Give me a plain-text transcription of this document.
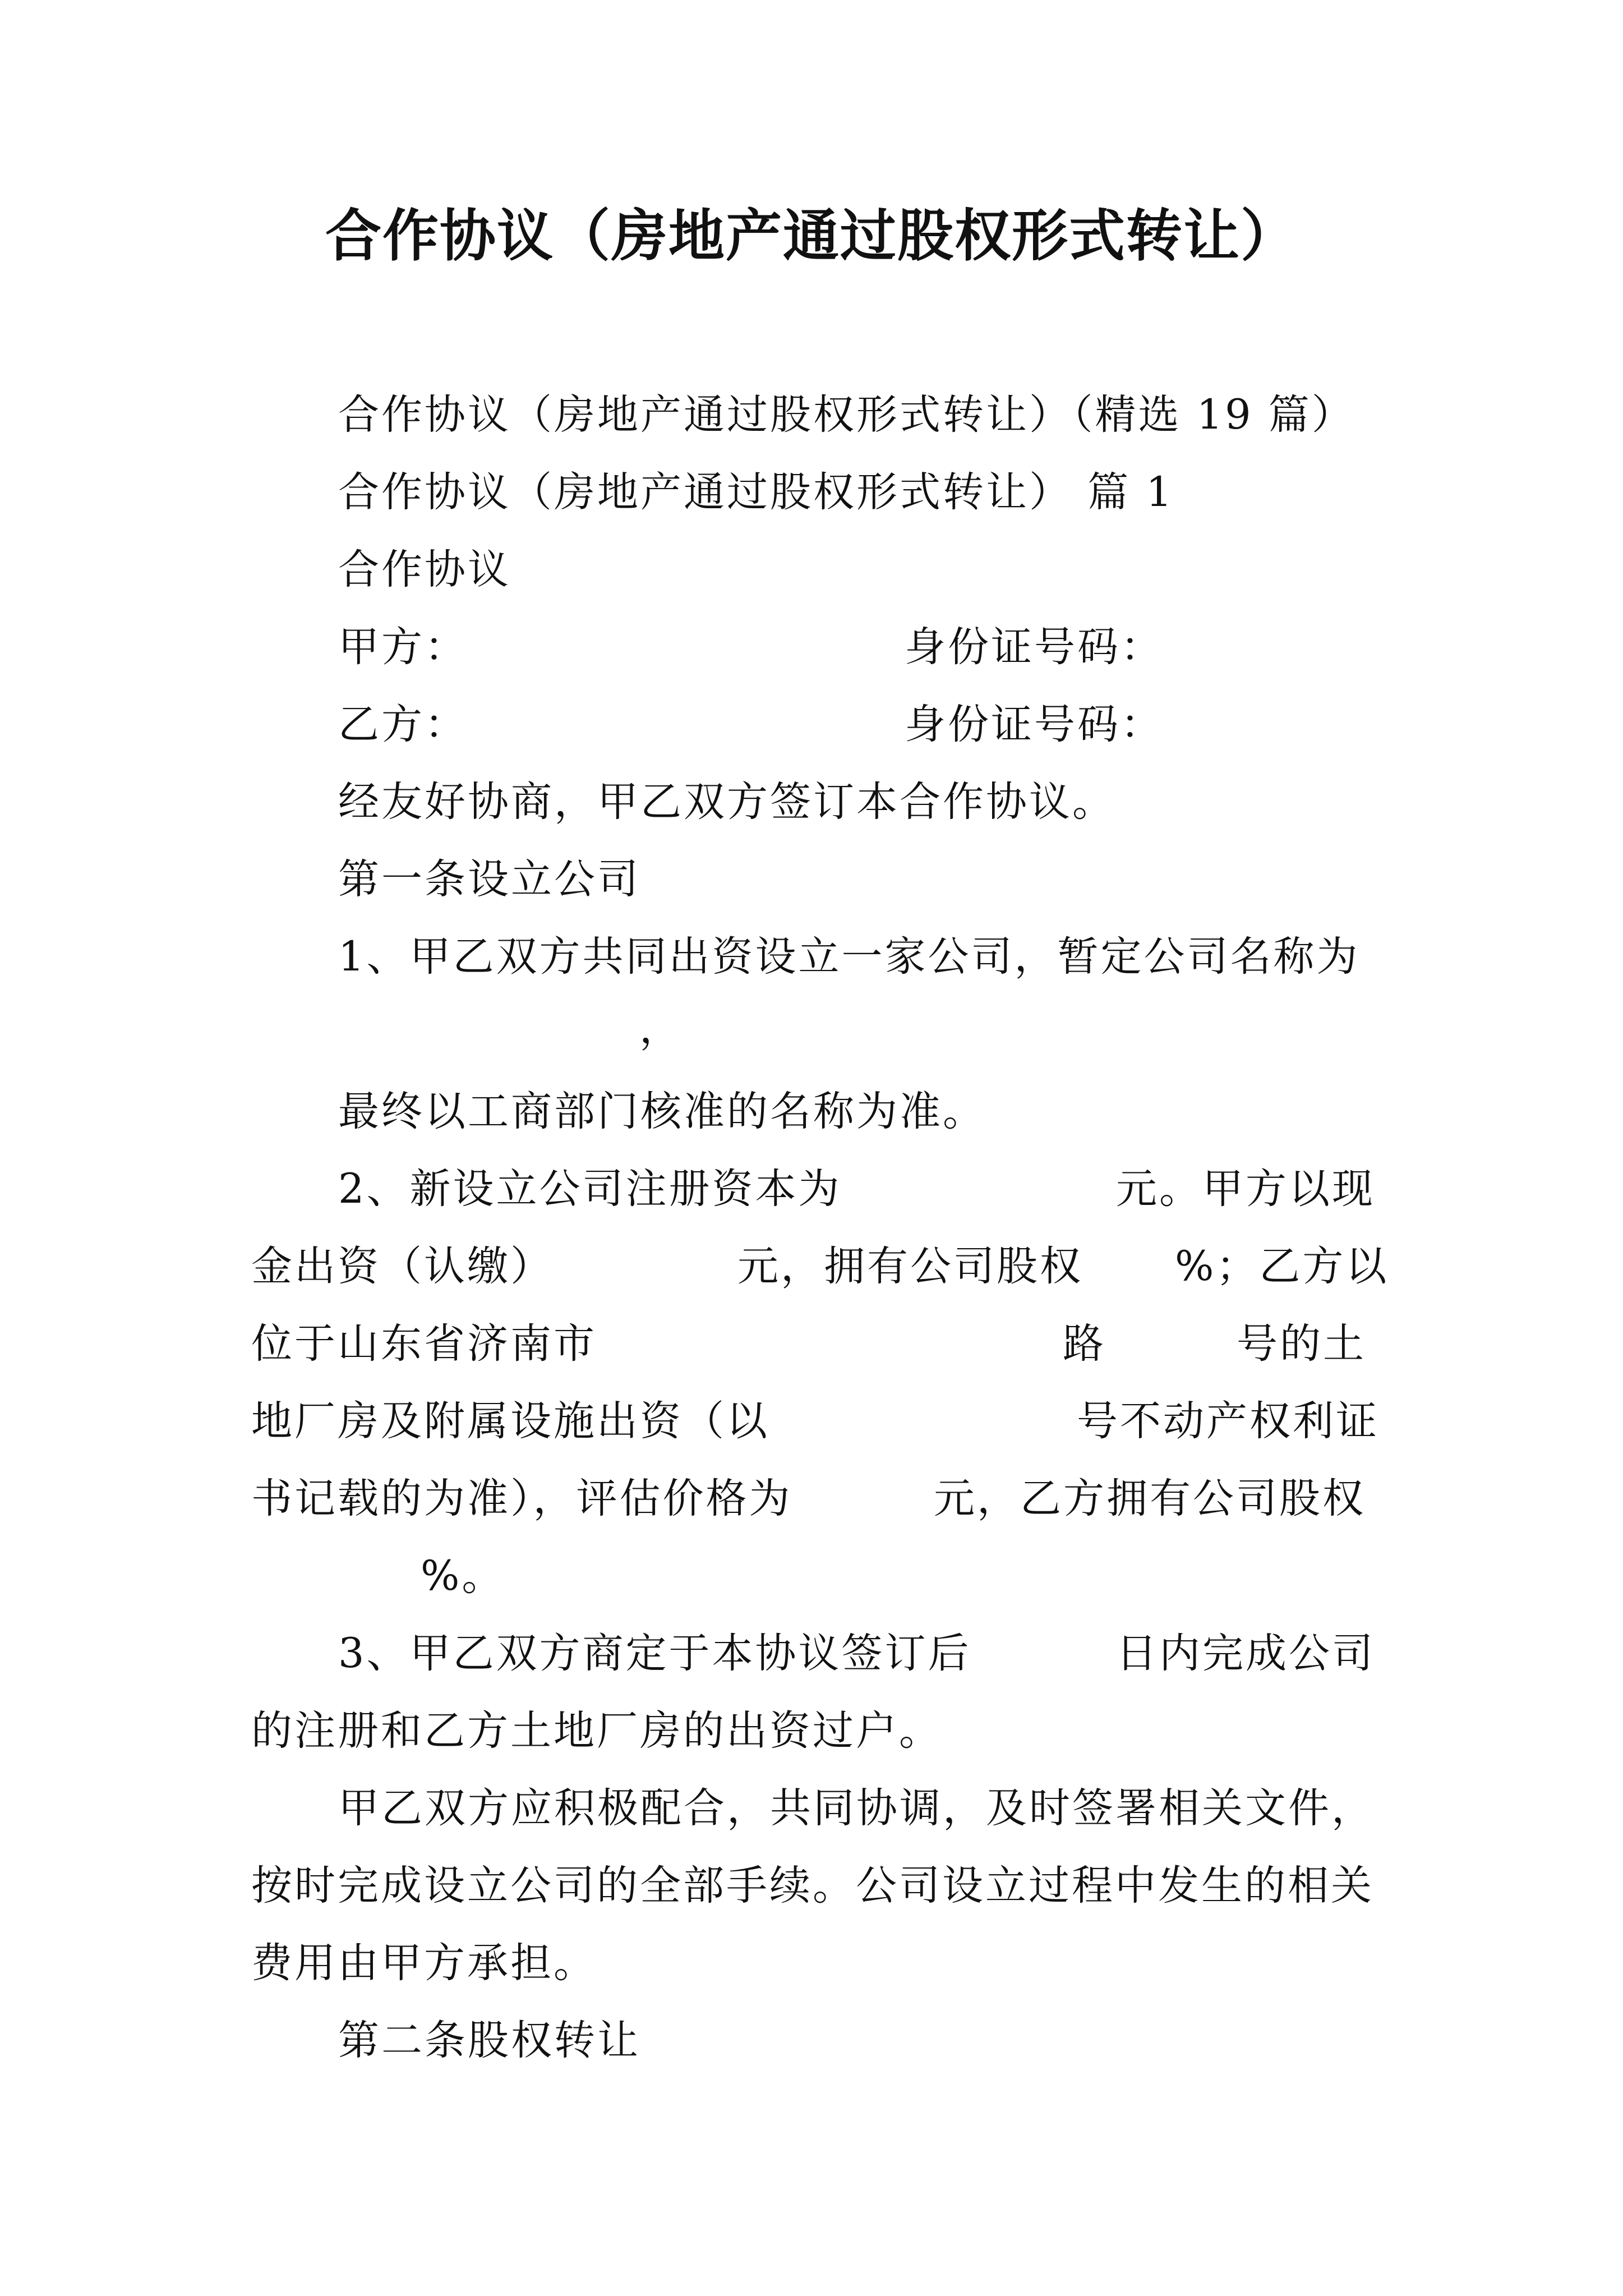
合作协议（房地产通过股权形式转让）
合作协议（房地产通过股权形式转让）（精选 19 篇）
合作协议（房地产通过股权形式转让） 篇 1
合作协议
甲方：	身份证号码：
乙方：	身份证号码：
经友好协商，甲乙双方签订本合作协议。
第一条设立公司
1、甲乙双方共同出资设立一家公司，暂定公司名称为
，
最终以工商部门核准的名称为准。
2、新设立公司注册资本为	元。甲方以现
金出资（认缴）	元，拥有公司股权 %；乙方以
位于山东省济南市	路	号的土
地厂房及附属设施出资（以	号不动产权利证
书记载的为准），评估价格为	元，乙方拥有公司股权
%。
3、甲乙双方商定于本协议签订后	日内完成公司
的注册和乙方土地厂房的出资过户。
甲乙双方应积极配合，共同协调，及时签署相关文件，
按时完成设立公司的全部手续。公司设立过程中发生的相关
费用由甲方承担。
第二条股权转让
